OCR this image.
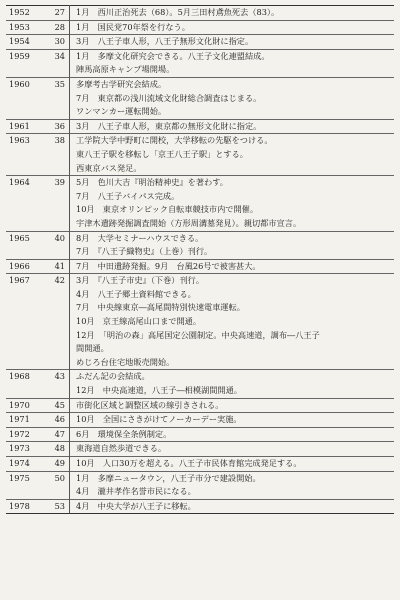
1952	27	1月　西川正治死去（68）。5月三田村鳶魚死去（83）。
1953	28	1月　国民党70年祭を行なう。
1954	30	3月　八王子車人形，八王子無形文化財に指定。
1959	34	1月　多摩文化研究会できる。八王子文化連盟結成。
		陣馬高原キャンプ場開場。
1960	35	多摩考古学研究会結成。
		7月　東京都の浅川流域文化財総合調査はじまる。
		ワンマンカー運転開始。
1961	36	3月　八王子車人形，東京都の無形文化財に指定。
1963	38	工学院大学中野町に開校，大学移転の先駆をつける。
		東八王子駅を移転し「京王八王子駅」とする。
		西東京バス発足。
1964	39	5月　色川大吉『明治精神史』を著わす。
		7月　八王子バイパス完成。
		10月　東京オリンピック自転車競技市内で開催。
		宇津木遺跡発掘調査開始（方形周溝墓発見）。親切都市宣言。
1965	40	8月　大学セミナーハウスできる。
		7月　『八王子織物史』（上巻）刊行。
1966	41	7月　中田遺跡発掘。9月　台風26号で被害甚大。
1967	42	3月　『八王子市史』（下巻）刊行。
		4月　八王子郷土資料館できる。
		7月　中央線東京―高尾間特別快速電車運転。
		10月　京王線高尾山口まで開通。
		12月　「明治の森」高尾国定公園制定。中央高速道，調布―八王子
		間開通。
		めじろ台住宅地販売開始。
1968	43	ふだん記の会結成。
		12月　中央高速道，八王子―相模湖間開通。
1970	45	市街化区域と調整区域の線引きされる。
1971	46	10月　全国にさきがけてノーカーデー実施。
1972	47	6月　環境保全条例制定。
1973	48	東海道自然歩道できる。
1974	49	10月　人口30万を超える。八王子市民体育館完成発足する。
1975	50	1月　多摩ニュータウン，八王子市分で建設開始。
		4月　瀧井孝作名誉市民になる。
1978	53	4月　中央大学が八王子に移転。
